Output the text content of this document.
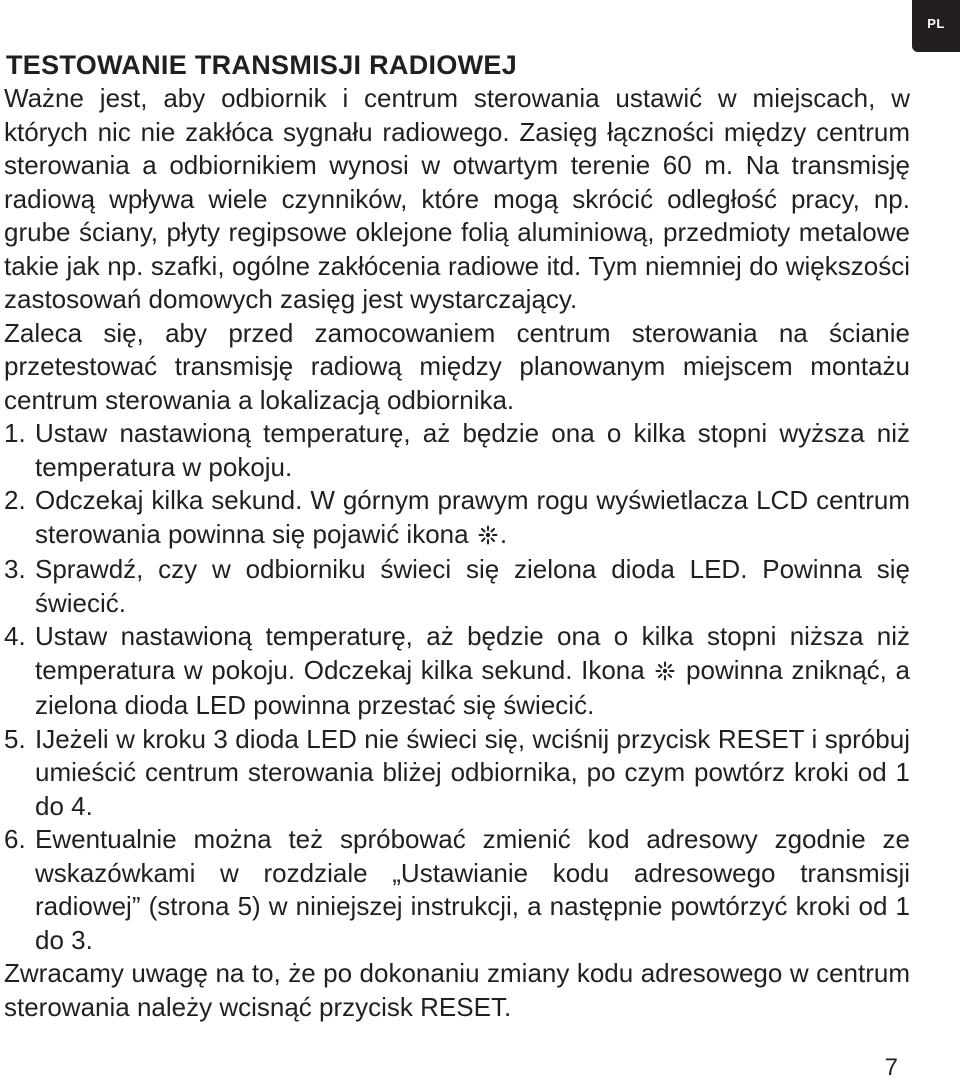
PL
TESTOWANIE TRANSMISJI RADIOWEJ

Ważne jest, aby odbiornik i centrum sterowania ustawić w miejscach, w których nic nie zakłóca sygnału radiowego. Zasięg łączności między centrum sterowania a odbiornikiem wynosi w otwartym terenie 60 m. Na transmisję radiową wpływa wiele czynników, które mogą skrócić odległość pracy, np. grube ściany, płyty regipsowe oklejone folią aluminiową, przedmioty metalowe takie jak np. szafki, ogólne zakłócenia radiowe itd. Tym niemniej do większości zastosowań domowych zasięg jest wystarczający.

Zaleca się, aby przed zamocowaniem centrum sterowania na ścianie przetestować transmisję radiową między planowanym miejscem montażu centrum sterowania a lokalizacją odbiornika.

1. Ustaw nastawioną temperaturę, aż będzie ona o kilka stopni wyższa niż temperatura w pokoju.
2. Odczekaj kilka sekund. W górnym prawym rogu wyświetlacza LCD centrum sterowania powinna się pojawić ikona .
3. Sprawdź, czy w odbiorniku świeci się zielona dioda LED. Powinna się świecić.
4. Ustaw nastawioną temperaturę, aż będzie ona o kilka stopni niższa niż temperatura w pokoju. Odczekaj kilka sekund. Ikona powinna zniknąć, a zielona dioda LED powinna przestać się świecić.
5. IJeżeli w kroku 3 dioda LED nie świeci się, wciśnij przycisk RESET i spróbuj umieścić centrum sterowania bliżej odbiornika, po czym powtórz kroki od 1 do 4.
6. Ewentualnie można też spróbować zmienić kod adresowy zgodnie ze wskazówkami w rozdziale „Ustawianie kodu adresowego transmisji radiowej” (strona 5) w niniejszej instrukcji, a następnie powtórzyć kroki od 1 do 3.

Zwracamy uwagę na to, że po dokonaniu zmiany kodu adresowego w centrum sterowania należy wcisnąć przycisk RESET.

7
